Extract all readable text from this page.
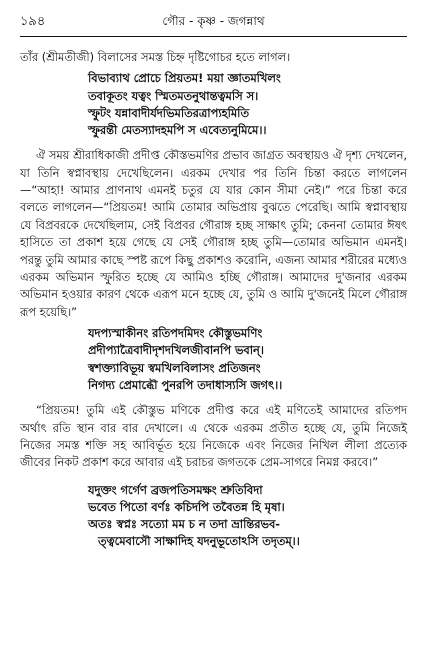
১৯৪	গৌর - কৃষ্ণ - জগন্নাথ

তাঁর (শ্রীমতীজী) বিলাসের সমস্ত চিহ্ন দৃষ্টিগোচর হতে লাগল।

বিভাব্যাথ প্রোচে প্রিয়তম! ময়া জ্ঞাতমখিলং
তবাকূতং যত্বং স্মিতমতনুথান্তত্বমসি স।
স্ফুটং যন্নাবাদীর্যদভিমতিরত্রাপ্যহমিতি
স্ফুরন্তী মেতস্যাদহমপি স এবেত্যনুমিমে।।

ঐ সময় শ্রীরাধিকাজী প্রদীপ্ত কৌস্তভমণির প্রভাব জাগ্রত অবস্থায়ও ঐ দৃশ্য দেখলেন, যা তিনি স্বপ্নাবস্থায় দেখেছিলেন। এরকম দেখার পর তিনি চিন্তা করতে লাগলেন—“আহা! আমার প্রাণনাথ এমনই চতুর যে যার কোন সীমা নেই।” পরে চিন্তা করে বলতে লাগলেন—“প্রিয়তম! আমি তোমার অভিপ্রায় বুঝতে পেরেছি। আমি স্বপ্নাবস্থায় যে বিপ্রবরকে দেখেছিলাম, সেই বিপ্রবর গৌরাঙ্গ হচ্ছ সাক্ষাৎ তুমি; কেননা তোমার ঈষৎ হাসিতে তা প্রকাশ হয়ে গেছে যে সেই গৌরাঙ্গ হচ্ছ তুমি—তোমার অভিমান এমনই। পরন্তু তুমি আমার কাছে স্পষ্ট রূপে কিছু প্রকাশও করোনি, এজন্য আমার শরীরের মধ্যেও এরকম অভিমান স্ফুরিত হচ্ছে যে আমিও হচ্ছি গৌরাঙ্গ। আমাদের দু'জনার এরকম অভিমান হওয়ার কারণ থেকে এরূপ মনে হচ্ছে যে, তুমি ও আমি দু'জনেই মিলে গৌরাঙ্গ রূপ হয়েছি।”

যদপ্যস্মাকীনং রতিপদমিদং কৌস্তুভমণিং
প্রদীপ্যাত্রৈবাদীদৃশদখিলজীবানপি ভবান্।
স্বশক্ত্যাবিভূয় স্বমখিলবিলাসং প্রতিজনং
নিগদ্য প্রেমাব্ধৌ পুনরপি তদাধাস্যসি জগৎ।।

“প্রিয়তম! তুমি এই কৌস্তুভ মণিকে প্রদীপ্ত করে এই মণিতেই আমাদের রতিপদ অর্থাৎ রতি স্থান বার বার দেখালে। এ থেকে এরকম প্রতীত হচ্ছে যে, তুমি নিজেই নিজের সমস্ত শক্তি সহ আবির্ভূত হয়ে নিজেকে এবং নিজের নিখিল লীলা প্রত্যেক জীবের নিকট প্রকাশ করে আবার এই চরাচর জগতকে প্রেম-সাগরে নিমগ্ন করবে।”

যদুক্তং গর্গেণ ব্রজপতিসমক্ষং শ্রুতিবিদা
ভবেত পিতো বর্ণঃ কচিদপি তবৈতন্ন হি মৃষা।
অতঃ স্বপ্নঃ সত্যো মম চ ন তদা ভ্রান্তিরভব-
ত্ত্বমেবাসৌ সাক্ষাদিহ যদনুভূতোঽসি তদৃতম্।।
